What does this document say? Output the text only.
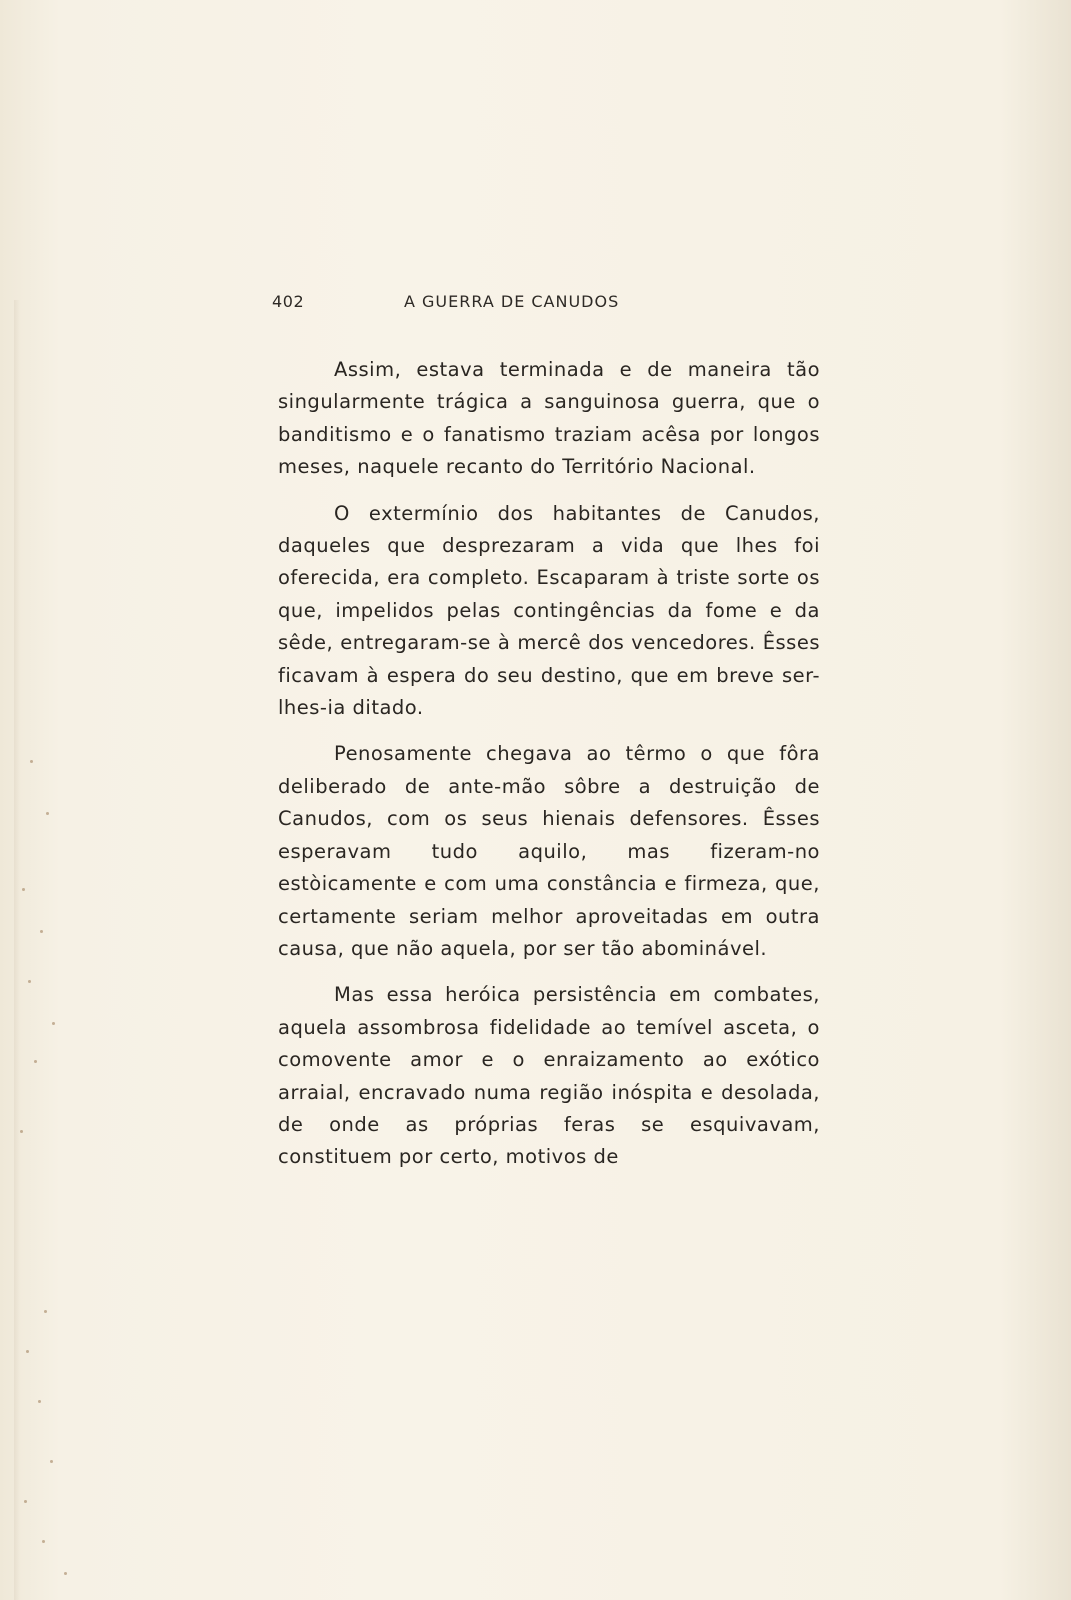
402	A GUERRA DE CANUDOS

Assim, estava terminada e de maneira tão singularmente trágica a sanguinosa guerra, que o banditismo e o fanatismo traziam acêsa por longos meses, naquele recanto do Território Nacional.

O extermínio dos habitantes de Canudos, daqueles que desprezaram a vida que lhes foi oferecida, era completo. Escaparam à triste sorte os que, impelidos pelas contingências da fome e da sêde, entregaram-se à mercê dos vencedores. Êsses ficavam à espera do seu destino, que em breve ser-lhes-ia ditado.

Penosamente chegava ao têrmo o que fôra deliberado de ante-mão sôbre a destruição de Canudos, com os seus hienais defensores. Êsses esperavam tudo aquilo, mas fizeram-no estòicamente e com uma constância e firmeza, que, certamente seriam melhor aproveitadas em outra causa, que não aquela, por ser tão abominável.

Mas essa heróica persistência em combates, aquela assombrosa fidelidade ao temível asceta, o comovente amor e o enraizamento ao exótico arraial, encravado numa região inóspita e desolada, de onde as próprias feras se esquivavam, constituem por certo, motivos de
